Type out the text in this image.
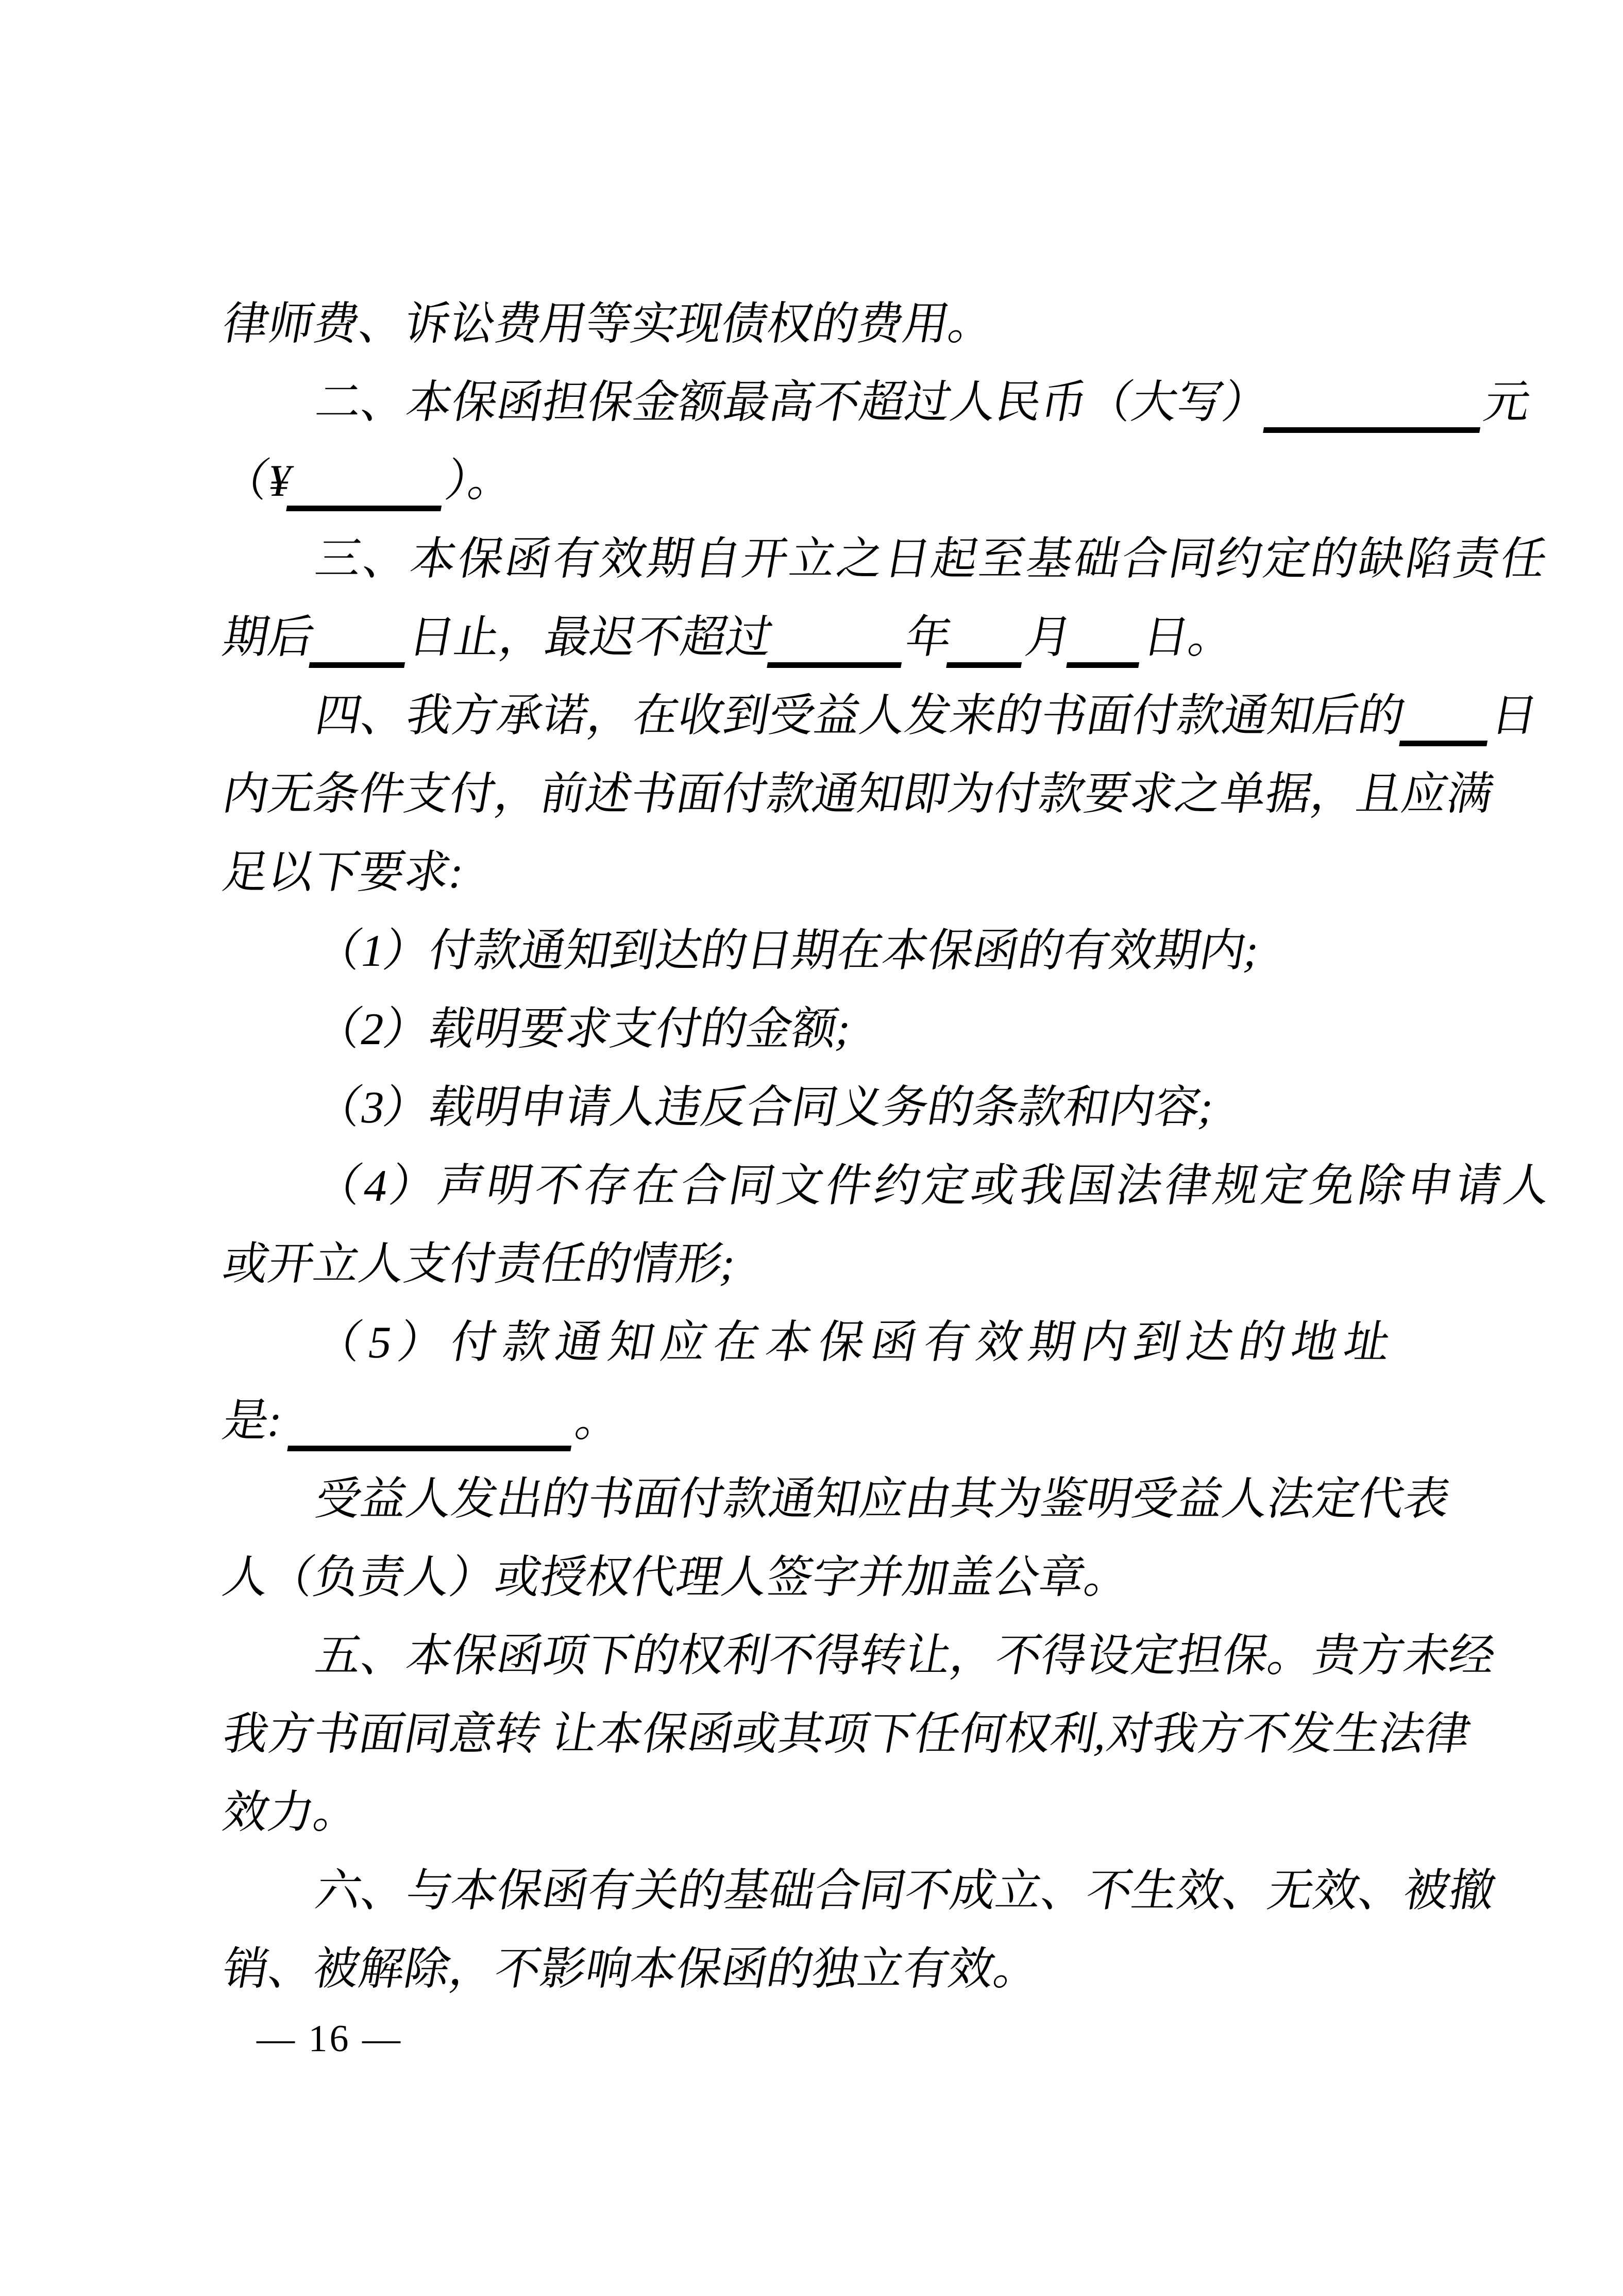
律师费、诉讼费用等实现债权的费用。
二、本保函担保金额最高不超过人民币（大写）	元
（¥	）。
三、本保函有效期自开立之日起至基础合同约定的缺陷责任
期后 日止，最迟不超过	年 月 日。
四、我方承诺，在收到受益人发来的书面付款通知后的 日
内无条件支付，前述书面付款通知即为付款要求之单据，且应满
足以下要求:
（1）付款通知到达的日期在本保函的有效期内;
（2）载明要求支付的金额;
（3）载明申请人违反合同义务的条款和内容;
（4）声明不存在合同文件约定或我国法律规定免除申请人
或开立人支付责任的情形;
（5）付款通知应在本保函有效期内到达的地址
是:	。
受益人发出的书面付款通知应由其为鉴明受益人法定代表
人（负责人）或授权代理人签字并加盖公章。
五、本保函项下的权利不得转让，不得设定担保。贵方未经
我方书面同意转 让本保函或其项下任何权利,对我方不发生法律
效力。
六、与本保函有关的基础合同不成立、不生效、无效、被撤
销、被解除，不影响本保函的独立有效。
— 16 —
